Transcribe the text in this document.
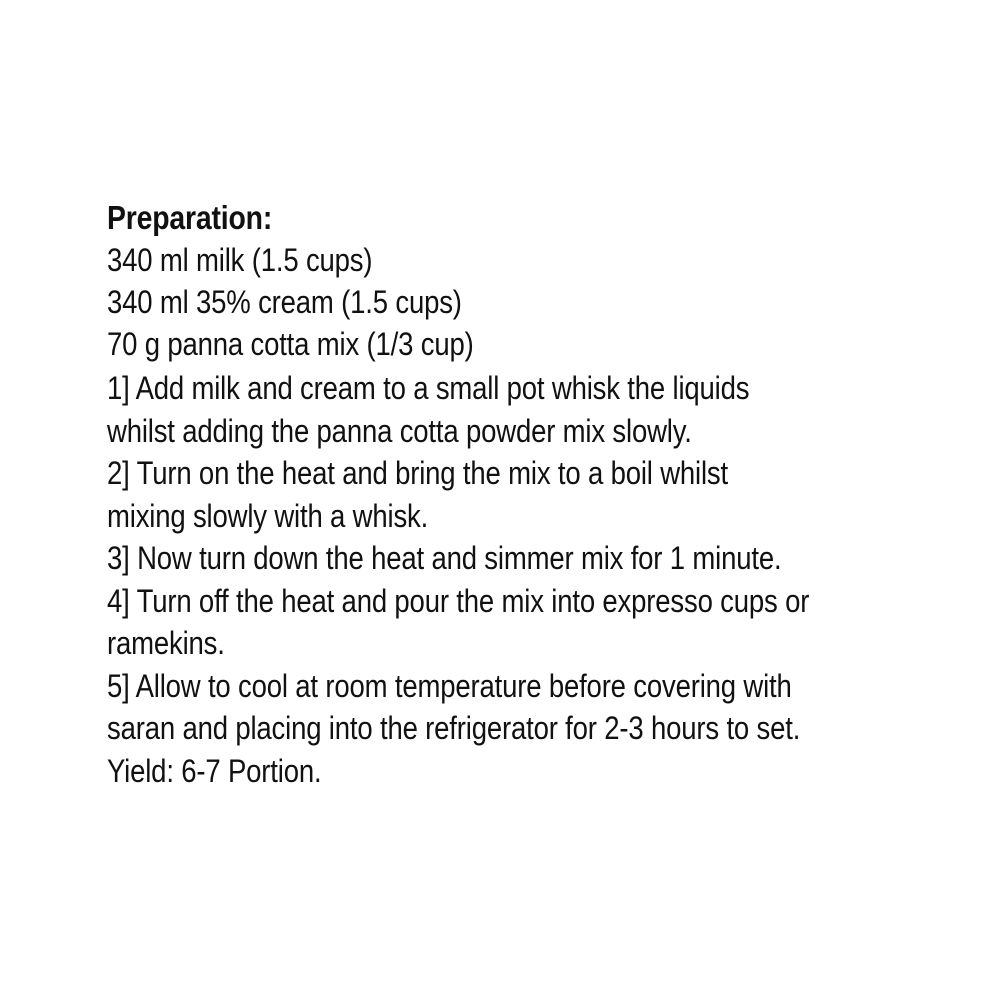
Preparation:

340 ml milk (1.5 cups)

340 ml 35% cream (1.5 cups)

70 g panna cotta mix (1/3 cup)

1] Add milk and cream to a small pot whisk the liquids

whilst adding the panna cotta powder mix slowly.

2] Turn on the heat and bring the mix to a boil whilst

mixing slowly with a whisk.

3] Now turn down the heat and simmer mix for 1 minute.

4] Turn off the heat and pour the mix into expresso cups or

ramekins.

5] Allow to cool at room temperature before covering with

saran and placing into the refrigerator for 2-3 hours to set.

Yield: 6-7 Portion.
